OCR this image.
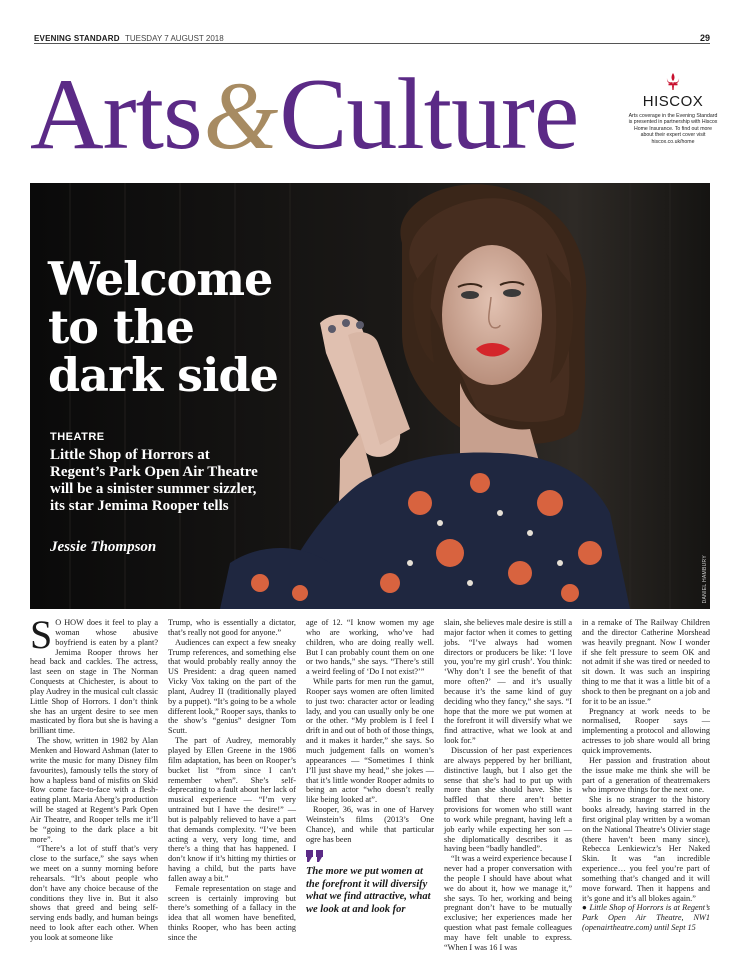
EVENING STANDARD TUESDAY 7 AUGUST 2018	29
Arts&Culture	HISCOX
Arts coverage in the Evening Standard is presented in partnership with Hiscox Home Insurance. To find out more about their expert cover visit hiscox.co.uk/home
Welcome
to the
dark side
THEATRE
Little Shop of Horrors at Regent’s Park Open Air Theatre will be a sinister summer sizzler, its star Jemima Rooper tells
Jessie Thompson
DANIEL HAMBURY

S O HOW does it feel to play a woman whose abusive boyfriend is eaten by a plant? Jemima Rooper throws her head back and cackles. The actress, last seen on stage in The Norman Conquests at Chichester, is about to play Audrey in the musical cult classic Little Shop of Horrors. I don’t think she has an urgent desire to see men masticated by flora but she is having a brilliant time.

The show, written in 1982 by Alan Menken and Howard Ashman (later to write the music for many Disney film favourites), famously tells the story of how a hapless band of misfits on Skid Row come face-to-face with a flesh-eating plant. Maria Aberg’s production will be staged at Regent’s Park Open Air Theatre, and Rooper tells me it’ll be “going to the dark place a bit more”.

“There’s a lot of stuff that’s very close to the surface,” she says when we meet on a sunny morning before rehearsals. “It’s about people who don’t have any choice because of the conditions they live in. But it also shows that greed and being self-serving ends badly, and human beings need to look after each other. When you look at someone like

Trump, who is essentially a dictator, that’s really not good for anyone.”

Audiences can expect a few sneaky Trump references, and something else that would probably really annoy the US President: a drag queen named Vicky Vox taking on the part of the plant, Audrey II (traditionally played by a puppet). “It’s going to be a whole different look,” Rooper says, thanks to the show’s “genius” designer Tom Scutt.

The part of Audrey, memorably played by Ellen Greene in the 1986 film adaptation, has been on Rooper’s bucket list “from since I can’t remember when”. She’s self-deprecating to a fault about her lack of musical experience — “I’m very untrained but I have the desire!” — but is palpably relieved to have a part that demands complexity. “I’ve been acting a very, very long time, and there’s a thing that has happened. I don’t know if it’s hitting my thirties or having a child, but the parts have fallen away a bit.”

Female representation on stage and screen is certainly improving but there’s something of a fallacy in the idea that all women have benefited, thinks Rooper, who has been acting since the

age of 12. “I know women my age who are working, who’ve had children, who are doing really well. But I can probably count them on one or two hands,” she says. “There’s still a weird feeling of ‘Do I not exist?’”

While parts for men run the gamut, Rooper says women are often limited to just two: character actor or leading lady, and you can usually only be one or the other. “My problem is I feel I drift in and out of both of those things, and it makes it harder,” she says. So much judgement falls on women’s appearances — “Sometimes I think I’ll just shave my head,” she jokes — that it’s little wonder Rooper admits to being an actor “who doesn’t really like being looked at”.

Rooper, 36, was in one of Harvey Weinstein’s films (2013’s One Chance), and while that particular ogre has been

The more we put women at the forefront it will diversify what we find attractive, what we look at and look for

slain, she believes male desire is still a major factor when it comes to getting jobs. “I’ve always had women directors or producers be like: ‘I love you, you’re my girl crush’. You think: ‘Why don’t I see the benefit of that more often?’ — and it’s usually because it’s the same kind of guy deciding who they fancy,” she says. “I hope that the more we put women at the forefront it will diversify what we find attractive, what we look at and look for.”

Discussion of her past experiences are always peppered by her brilliant, distinctive laugh, but I also get the sense that she’s had to put up with more than she should have. She is baffled that there aren’t better provisions for women who still want to work while pregnant, having left a job early while expecting her son — she diplomatically describes it as having been “badly handled”.

“It was a weird experience because I never had a proper conversation with the people I should have about what we do about it, how we manage it,” she says. To her, working and being pregnant don’t have to be mutually exclusive; her experiences made her question what past female colleagues may have felt unable to express. “When I was 16 I was

in a remake of The Railway Children and the director Catherine Morshead was heavily pregnant. Now I wonder if she felt pressure to seem OK and not admit if she was tired or needed to sit down. It was such an inspiring thing to me that it was a little bit of a shock to then be pregnant on a job and for it to be an issue.”

Pregnancy at work needs to be normalised, Rooper says — implementing a protocol and allowing actresses to job share would all bring quick improvements.

Her passion and frustration about the issue make me think she will be part of a generation of theatremakers who improve things for the next one.

She is no stranger to the history books already, having starred in the first original play written by a woman on the National Theatre’s Olivier stage (there haven’t been many since), Rebecca Lenkiewicz’s Her Naked Skin. It was “an incredible experience… you feel you’re part of something that’s changed and it will move forward. Then it happens and it’s gone and it’s all blokes again.”

● Little Shop of Horrors is at Regent’s Park Open Air Theatre, NW1 (openairtheatre.com) until Sept 15
